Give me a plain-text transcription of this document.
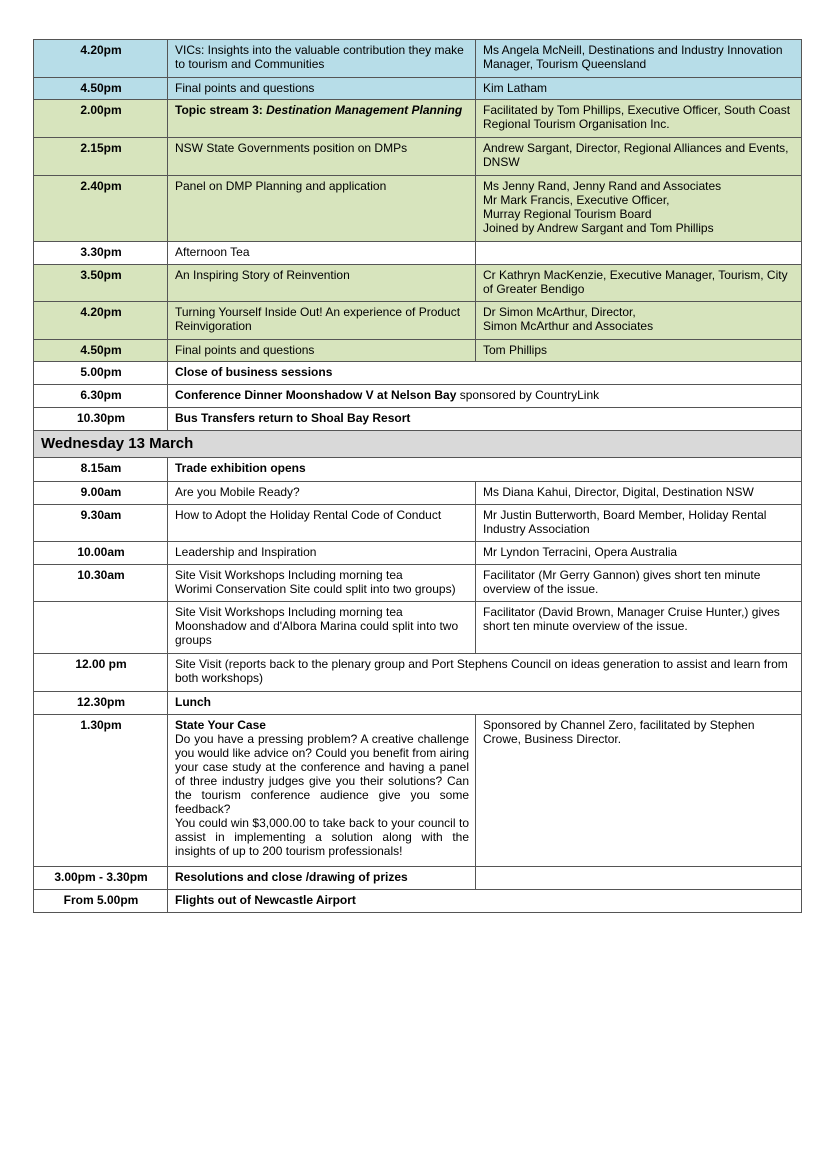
4.20pm	VICs: Insights into the valuable contribution they make to tourism and Communities	Ms Angela McNeill, Destinations and Industry Innovation Manager, Tourism Queensland
4.50pm	Final points and questions	Kim Latham
2.00pm	Topic stream 3: Destination Management Planning	Facilitated by Tom Phillips, Executive Officer, South Coast Regional Tourism Organisation Inc.
2.15pm	NSW State Governments position on DMPs	Andrew Sargant, Director, Regional Alliances and Events, DNSW
2.40pm	Panel on DMP Planning and application	Ms Jenny Rand, Jenny Rand and Associates
Mr Mark Francis, Executive Officer,
Murray Regional Tourism Board
Joined by Andrew Sargant and Tom Phillips

3.30pm	Afternoon Tea	
3.50pm	An Inspiring Story of Reinvention	Cr Kathryn MacKenzie, Executive Manager, Tourism, City of Greater Bendigo
4.20pm	Turning Yourself Inside Out! An experience of Product Reinvigoration	Dr Simon McArthur, Director,
Simon McArthur and Associates

4.50pm	Final points and questions	Tom Phillips
5.00pm	Close of business sessions	
6.30pm	Conference Dinner Moonshadow V at Nelson Bay sponsored by CountryLink	
10.30pm	Bus Transfers return to Shoal Bay Resort	
Wednesday 13 March		
8.15am	Trade exhibition opens	
9.00am	Are you Mobile Ready?	Ms Diana Kahui, Director, Digital, Destination NSW
9.30am	How to Adopt the Holiday Rental Code of Conduct	Mr Justin Butterworth, Board Member, Holiday Rental Industry Association
10.00am	Leadership and Inspiration	Mr Lyndon Terracini, Opera Australia
10.30am	Site Visit Workshops Including morning tea
Worimi Conservation Site could split into two groups)	Facilitator (Mr Gerry Gannon) gives short ten minute overview of the issue.

	Site Visit Workshops Including morning tea
Moonshadow and d'Albora Marina could split into two groups	Facilitator (David Brown, Manager Cruise Hunter,) gives short ten minute overview of the issue.
12.00 pm	Site Visit (reports back to the plenary group and Port Stephens Council on ideas generation to assist and learn from both workshops)	
12.30pm	Lunch	
1.30pm	State Your Case
Do you have a pressing problem? A creative challenge you would like advice on? Could you benefit from airing your case study at the conference and having a panel of three industry judges give you their solutions? Can the tourism conference audience give you some feedback?
You could win $3,000.00 to take back to your council to assist in implementing a solution along with the insights of up to 200 tourism professionals!	Sponsored by Channel Zero, facilitated by Stephen Crowe, Business Director.
3.00pm - 3.30pm	Resolutions and close /drawing of prizes	
From 5.00pm	Flights out of Newcastle Airport	
